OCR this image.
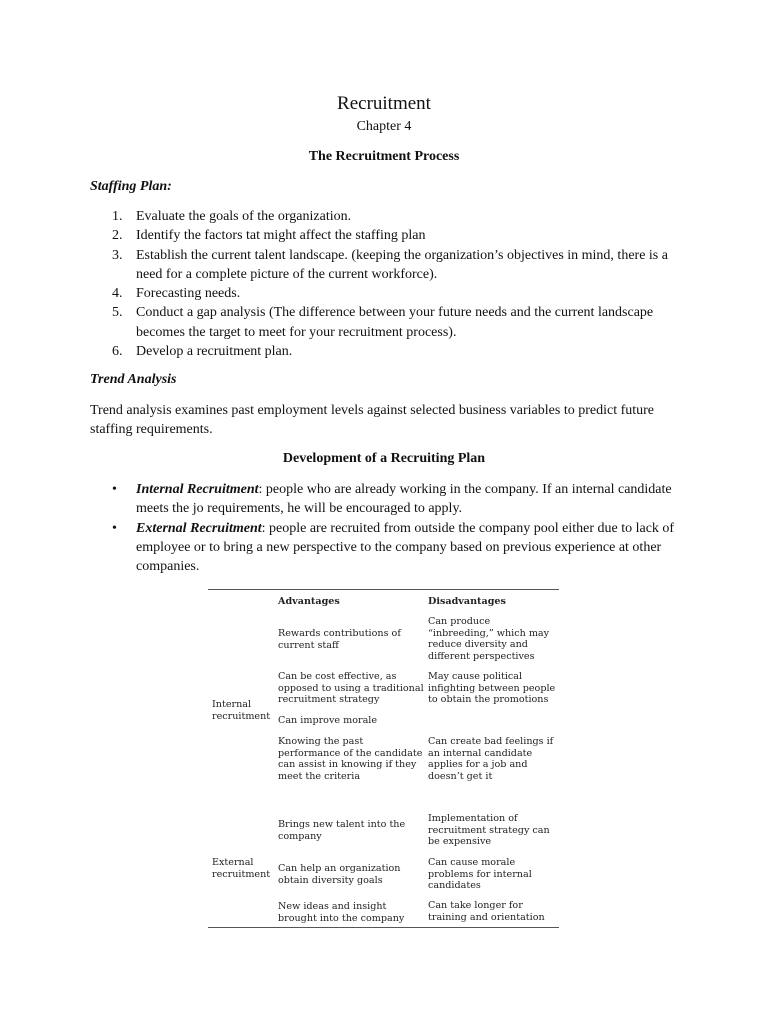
Recruitment
Chapter 4
The Recruitment Process
Staffing Plan:
1. Evaluate the goals of the organization.
2. Identify the factors tat might affect the staffing plan
3. Establish the current talent landscape. (keeping the organization’s objectives in mind, there is a need for a complete picture of the current workforce).
4. Forecasting needs.
5. Conduct a gap analysis (The difference between your future needs and the current landscape becomes the target to meet for your recruitment process).
6. Develop a recruitment plan.
Trend Analysis
Trend analysis examines past employment levels against selected business variables to predict future staffing requirements.
Development of a Recruiting Plan
• Internal Recruitment: people who are already working in the company. If an internal candidate meets the jo requirements, he will be encouraged to apply.
• External Recruitment: people are recruited from outside the company pool either due to lack of employee or to bring a new perspective to the company based on previous experience at other companies.
Advantages	Disadvantages
Internal recruitment
Rewards contributions of current staff
Can be cost effective, as opposed to using a traditional recruitment strategy
Can improve morale
Knowing the past performance of the candidate can assist in knowing if they meet the criteria
Can produce “inbreeding,” which may reduce diversity and different perspectives
May cause political infighting between people to obtain the promotions
Can create bad feelings if an internal candidate applies for a job and doesn’t get it
External recruitment
Brings new talent into the company
Can help an organization obtain diversity goals
New ideas and insight brought into the company
Implementation of recruitment strategy can be expensive
Can cause morale problems for internal candidates
Can take longer for training and orientation
